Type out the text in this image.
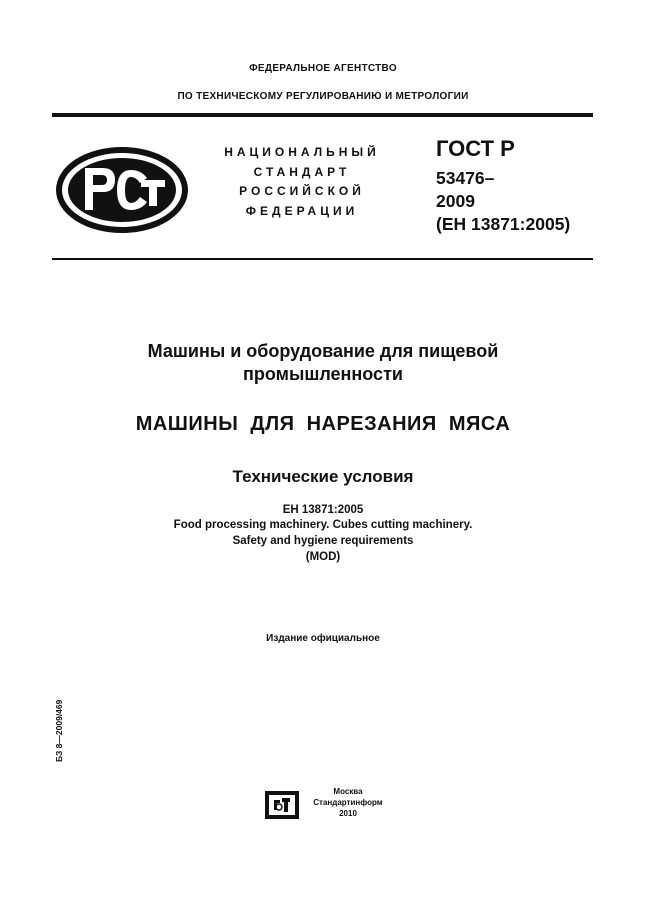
ФЕДЕРАЛЬНОЕ АГЕНТСТВО
ПО ТЕХНИЧЕСКОМУ РЕГУЛИРОВАНИЮ И МЕТРОЛОГИИ
НАЦИОНАЛЬНЫЙ
СТАНДАРТ
РОССИЙСКОЙ
ФЕДЕРАЦИИ
ГОСТ Р
53476–
2009
(ЕН 13871:2005)
Машины и оборудование для пищевой
промышленности
МАШИНЫ ДЛЯ НАРЕЗАНИЯ МЯСА
Технические условия
EH 13871:2005
Food processing machinery. Cubes cutting machinery.
Safety and hygiene requirements
(MOD)
Издание официальное
БЗ 8—2009/469
Москва
Стандартинформ
2010
